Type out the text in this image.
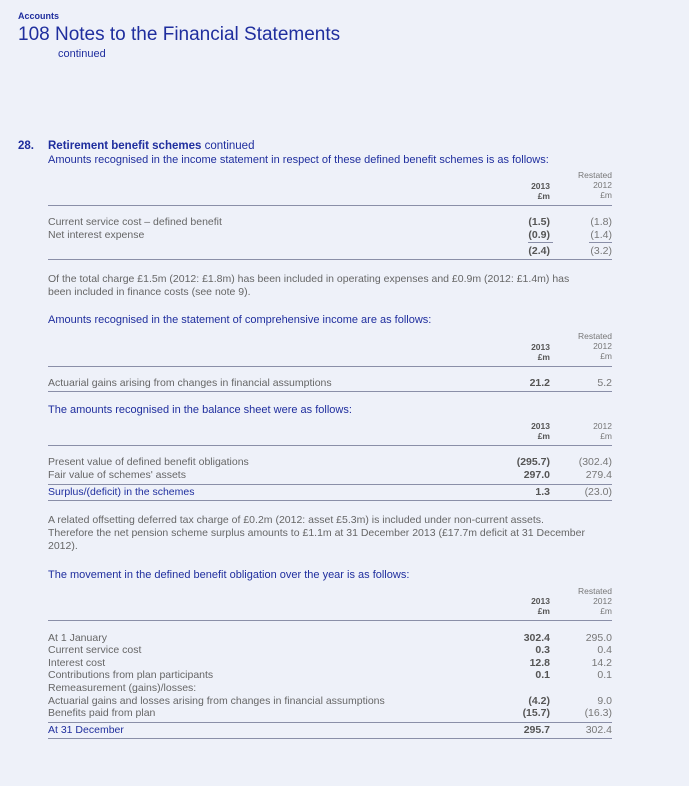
Accounts
108 Notes to the Financial Statements
continued
28. Retirement benefit schemes continued
Amounts recognised in the income statement in respect of these defined benefit schemes is as follows:
2013
£m
Restated
2012
£m
Current service cost – defined benefit	(1.5)	(1.8)
Net interest expense	(0.9)	(1.4)
(2.4)	(3.2)
Of the total charge £1.5m (2012: £1.8m) has been included in operating expenses and £0.9m (2012: £1.4m) has been included in finance costs (see note 9).
Amounts recognised in the statement of comprehensive income are as follows:
2013
£m
Restated
2012
£m
Actuarial gains arising from changes in financial assumptions	21.2	5.2
The amounts recognised in the balance sheet were as follows:
2013
£m
2012
£m
Present value of defined benefit obligations	(295.7)	(302.4)
Fair value of schemes' assets	297.0	279.4
Surplus/(deficit) in the schemes	1.3	(23.0)
A related offsetting deferred tax charge of £0.2m (2012: asset £5.3m) is included under non-current assets. Therefore the net pension scheme surplus amounts to £1.1m at 31 December 2013 (£17.7m deficit at 31 December 2012).
The movement in the defined benefit obligation over the year is as follows:
2013
£m
Restated
2012
£m
At 1 January	302.4	295.0
Current service cost	0.3	0.4
Interest cost	12.8	14.2
Contributions from plan participants	0.1	0.1
Remeasurement (gains)/losses:
Actuarial gains and losses arising from changes in financial assumptions	(4.2)	9.0
Benefits paid from plan	(15.7)	(16.3)
At 31 December	295.7	302.4
